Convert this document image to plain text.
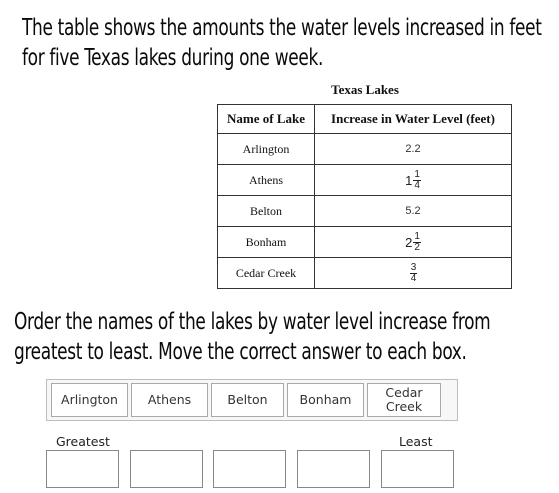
The table shows the amounts the water levels increased in feet for five Texas lakes during one week.
Texas Lakes
Name of Lake	Increase in Water Level (feet)
Arlington	2.2
Athens	$1 \frac{1}{4}$

Belton	5.2
Bonham	$2 \frac{1}{2}$

Cedar Creek	$\frac{3}{4}$
Order the names of the lakes by water level increase from greatest to least. Move the correct answer to each box.
Arlington	Athens	Belton	Bonham	Cedar Creek
Greatest	Least
